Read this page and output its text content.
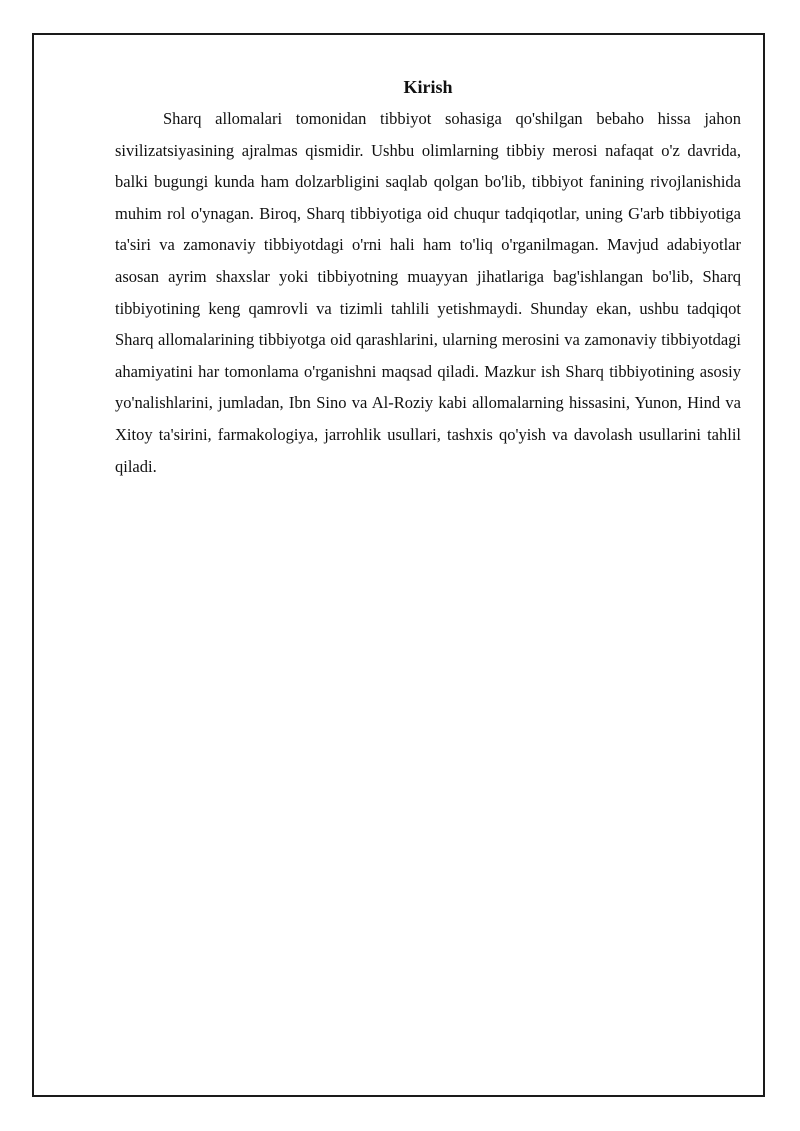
Kirish

Sharq allomalari tomonidan tibbiyot sohasiga qo'shilgan bebaho hissa jahon sivilizatsiyasining ajralmas qismidir. Ushbu olimlarning tibbiy merosi nafaqat o'z davrida, balki bugungi kunda ham dolzarbligini saqlab qolgan bo'lib, tibbiyot fanining rivojlanishida muhim rol o'ynagan. Biroq, Sharq tibbiyotiga oid chuqur tadqiqotlar, uning G'arb tibbiyotiga ta'siri va zamonaviy tibbiyotdagi o'rni hali ham to'liq o'rganilmagan. Mavjud adabiyotlar asosan ayrim shaxslar yoki tibbiyotning muayyan jihatlariga bag'ishlangan bo'lib, Sharq tibbiyotining keng qamrovli va tizimli tahlili yetishmaydi. Shunday ekan, ushbu tadqiqot Sharq allomalarining tibbiyotga oid qarashlarini, ularning merosini va zamonaviy tibbiyotdagi ahamiyatini har tomonlama o'rganishni maqsad qiladi. Mazkur ish Sharq tibbiyotining asosiy yo'nalishlarini, jumladan, Ibn Sino va Al-Roziy kabi allomalarning hissasini, Yunon, Hind va Xitoy ta'sirini, farmakologiya, jarrohlik usullari, tashxis qo'yish va davolash usullarini tahlil qiladi.
